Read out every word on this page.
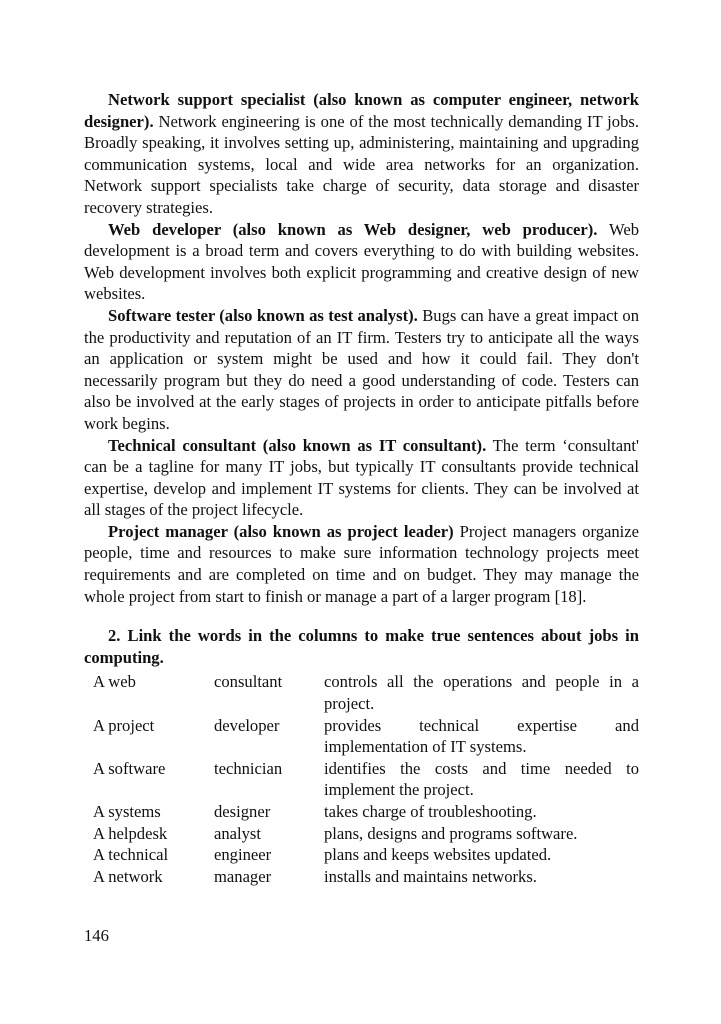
Network support specialist (also known as computer engineer, network designer). Network engineering is one of the most technically demanding IT jobs. Broadly speaking, it involves setting up, administering, maintaining and upgrading communication systems, local and wide area networks for an organization. Network support specialists take charge of security, data storage and disaster recovery strategies.

Web developer (also known as Web designer, web producer). Web development is a broad term and covers everything to do with building websites. Web development involves both explicit programming and creative design of new websites.

Software tester (also known as test analyst). Bugs can have a great impact on the productivity and reputation of an IT firm. Testers try to anticipate all the ways an application or system might be used and how it could fail. They don't necessarily program but they do need a good understanding of code. Testers can also be involved at the early stages of projects in order to anticipate pitfalls before work begins.

Technical consultant (also known as IT consultant). The term ‘consultant' can be a tagline for many IT jobs, but typically IT consultants provide technical expertise, develop and implement IT systems for clients. They can be involved at all stages of the project lifecycle.

Project manager (also known as project leader) Project managers organize people, time and resources to make sure information technology projects meet requirements and are completed on time and on budget. They may manage the whole project from start to finish or manage a part of a larger program [18].

2. Link the words in the columns to make true sentences about jobs in computing.

A web	consultant	controls all the operations and people in a project.
A project	developer	provides technical expertise and implementation of IT systems.
A software	technician	identifies the costs and time needed to implement the project.
A systems	designer	takes charge of troubleshooting.
A helpdesk	analyst	plans, designs and programs software.
A technical	engineer	plans and keeps websites updated.
A network	manager	installs and maintains networks.
146
